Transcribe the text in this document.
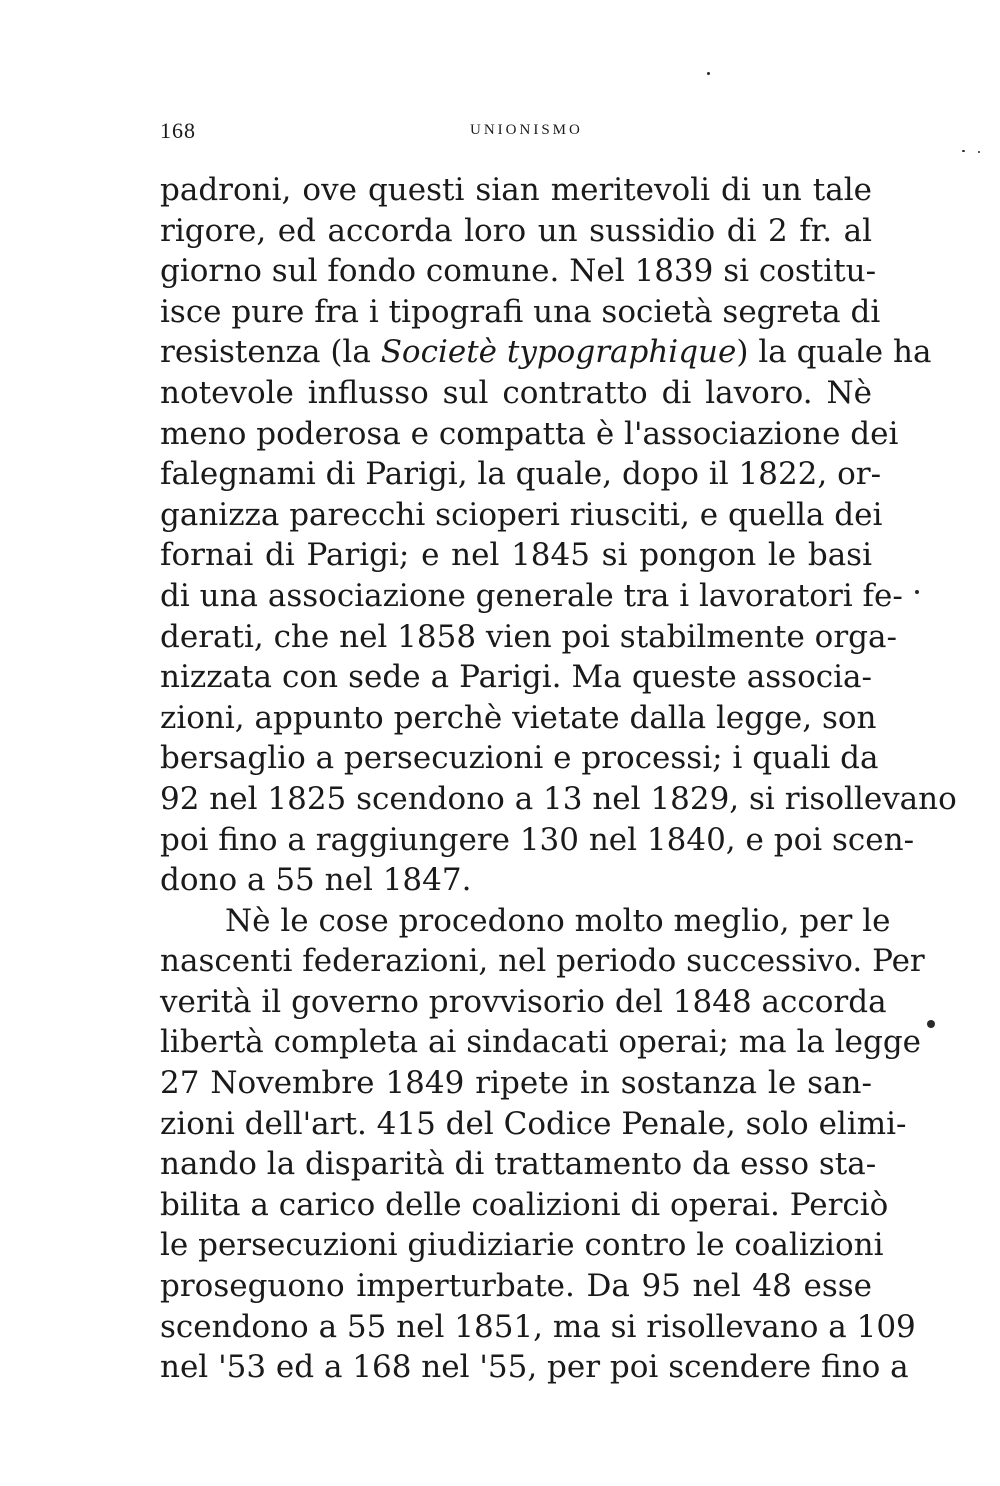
168	UNIONISMO
padroni, ove questi sian meritevoli di un tale
rigore, ed accorda loro un sussidio di 2 fr. al
giorno sul fondo comune. Nel 1839 si costitu-
isce pure fra i tipografi una società segreta di
resistenza (la Societè typographique) la quale ha
notevole influsso sul contratto di lavoro. Nè
meno poderosa e compatta è l'associazione dei
falegnami di Parigi, la quale, dopo il 1822, or-
ganizza parecchi scioperi riusciti, e quella dei
fornai di Parigi; e nel 1845 si pongon le basi
di una associazione generale tra i lavoratori fe-
derati, che nel 1858 vien poi stabilmente orga-
nizzata con sede a Parigi. Ma queste associa-
zioni, appunto perchè vietate dalla legge, son
bersaglio a persecuzioni e processi; i quali da
92 nel 1825 scendono a 13 nel 1829, si risollevano
poi fino a raggiungere 130 nel 1840, e poi scen-
dono a 55 nel 1847.
Nè le cose procedono molto meglio, per le
nascenti federazioni, nel periodo successivo. Per
verità il governo provvisorio del 1848 accorda
libertà completa ai sindacati operai; ma la legge
27 Novembre 1849 ripete in sostanza le san-
zioni dell'art. 415 del Codice Penale, solo elimi-
nando la disparità di trattamento da esso sta-
bilita a carico delle coalizioni di operai. Perciò
le persecuzioni giudiziarie contro le coalizioni
proseguono imperturbate. Da 95 nel 48 esse
scendono a 55 nel 1851, ma si risollevano a 109
nel '53 ed a 168 nel '55, per poi scendere fino a
